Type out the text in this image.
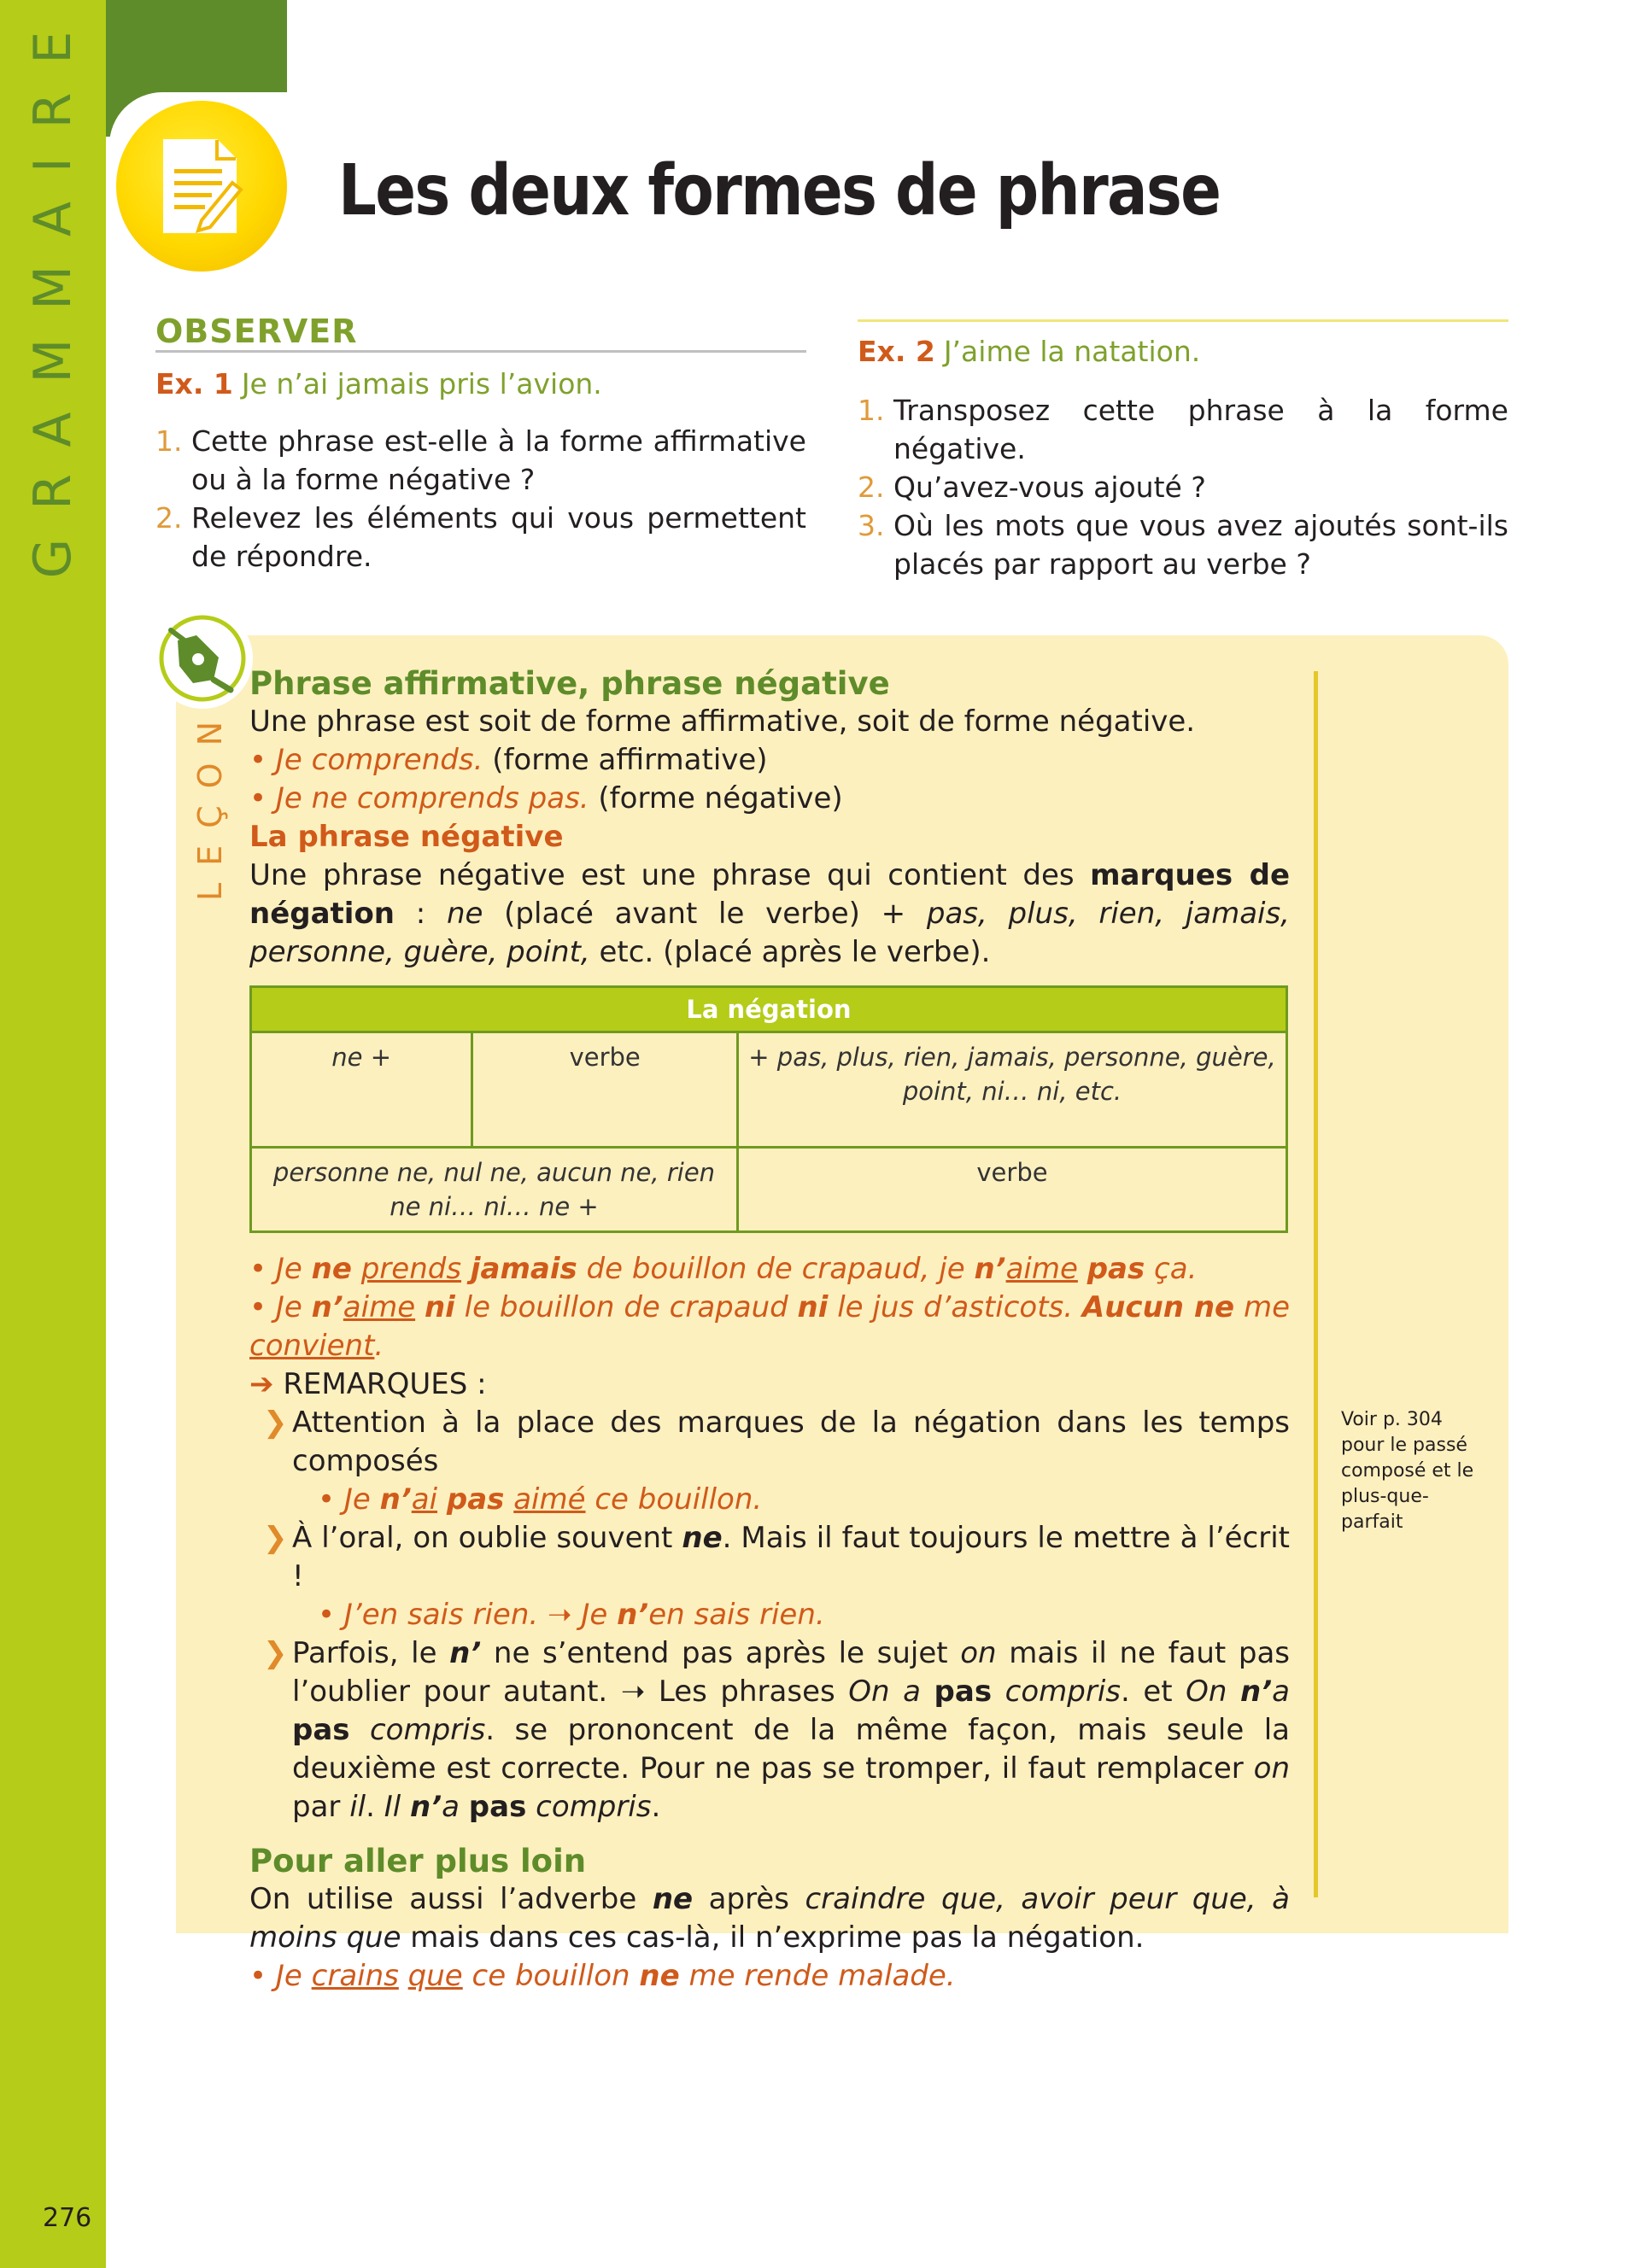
GRAMMAIRE
276
Les deux formes de phrase
OBSERVER
Ex. 1 Je n’ai jamais pris l’avion.
1. Cette phrase est-elle à la forme affirmative ou à la forme négative ?
2. Relevez les éléments qui vous permettent de répondre.
Ex. 2 J’aime la natation.
1. Transposez cette phrase à la forme négative.
2. Qu’avez-vous ajouté ?
3. Où les mots que vous avez ajoutés sont-ils placés par rapport au verbe ?
LEÇON
Voir p. 304 pour le passé composé et le plus-que-parfait

Phrase affirmative, phrase négative

Une phrase est soit de forme affirmative, soit de forme négative.

• Je comprends. (forme affirmative)

• Je ne comprends pas. (forme négative)

La phrase négative

Une phrase négative est une phrase qui contient des marques de négation : ne (placé avant le verbe) + pas, plus, rien, jamais, personne, guère, point, etc. (placé après le verbe).

La négation		
ne +	verbe	+ pas, plus, rien, jamais, personne, guère, point, ni… ni, etc.
personne ne, nul ne, aucun ne, rien ne ni… ni… ne +		verbe

• Je ne prends jamais de bouillon de crapaud, je n’aime pas ça.

• Je n’aime ni le bouillon de crapaud ni le jus d’asticots. Aucun ne me convient.

➔ REMARQUES :

❯ Attention à la place des marques de la négation dans les temps composés

• Je n’ai pas aimé ce bouillon.

❯ À l’oral, on oublie souvent ne. Mais il faut toujours le mettre à l’écrit !

• J’en sais rien. ➝ Je n’en sais rien.

❯ Parfois, le n’ ne s’entend pas après le sujet on mais il ne faut pas l’oublier pour autant. ➝ Les phrases On a pas compris. et On n’a pas compris. se prononcent de la même façon, mais seule la deuxième est correcte. Pour ne pas se tromper, il faut remplacer on par il. Il n’a pas compris.

Pour aller plus loin

On utilise aussi l’adverbe ne après craindre que, avoir peur que, à moins que mais dans ces cas-là, il n’exprime pas la négation.

• Je crains que ce bouillon ne me rende malade.
